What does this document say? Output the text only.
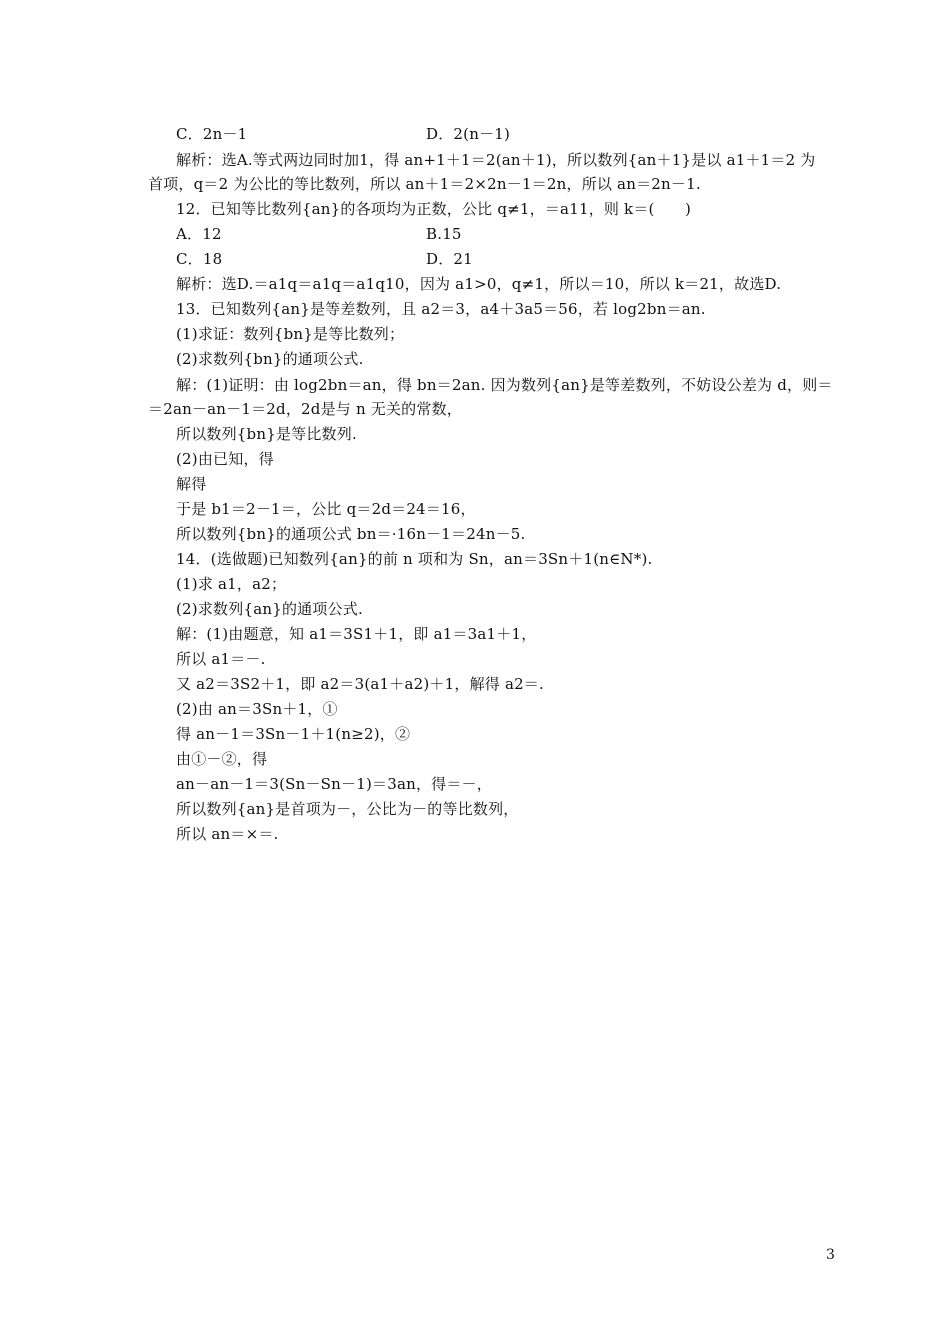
C．2n－1	D．2(n－1)
解析：选A.等式两边同时加1，得 an+1＋1＝2(an＋1)，所以数列{an＋1}是以 a1＋1＝2 为
首项，q＝2 为公比的等比数列，所以 an＋1＝2×2n－1＝2n，所以 an＝2n－1.
12．已知等比数列{an}的各项均为正数，公比 q≠1，＝a11，则 k＝(　　)
A．12	B.15
C．18	D．21
解析：选D.＝a1q＝a1q＝a1q10，因为 a1>0，q≠1，所以＝10，所以 k＝21，故选D.
13．已知数列{an}是等差数列，且 a2＝3，a4＋3a5＝56，若 log2bn＝an.
(1)求证：数列{bn}是等比数列；
(2)求数列{bn}的通项公式.
解：(1)证明：由 log2bn＝an，得 bn＝2an. 因为数列{an}是等差数列，不妨设公差为 d，则＝
＝2an－an－1＝2d，2d是与 n 无关的常数，
所以数列{bn}是等比数列.
(2)由已知，得
解得
于是 b1＝2－1＝，公比 q＝2d＝24＝16，
所以数列{bn}的通项公式 bn＝·16n－1＝24n－5.
14．(选做题)已知数列{an}的前 n 项和为 Sn，an＝3Sn＋1(n∈N*).
(1)求 a1，a2；
(2)求数列{an}的通项公式.
解：(1)由题意，知 a1＝3S1＋1，即 a1＝3a1＋1，
所以 a1＝－.
又 a2＝3S2＋1，即 a2＝3(a1＋a2)＋1，解得 a2＝.
(2)由 an＝3Sn＋1，①
得 an－1＝3Sn－1＋1(n≥2)，②
由①－②，得
an－an－1＝3(Sn－Sn－1)＝3an，得＝－，
所以数列{an}是首项为－，公比为－的等比数列，
所以 an＝×＝.
3
